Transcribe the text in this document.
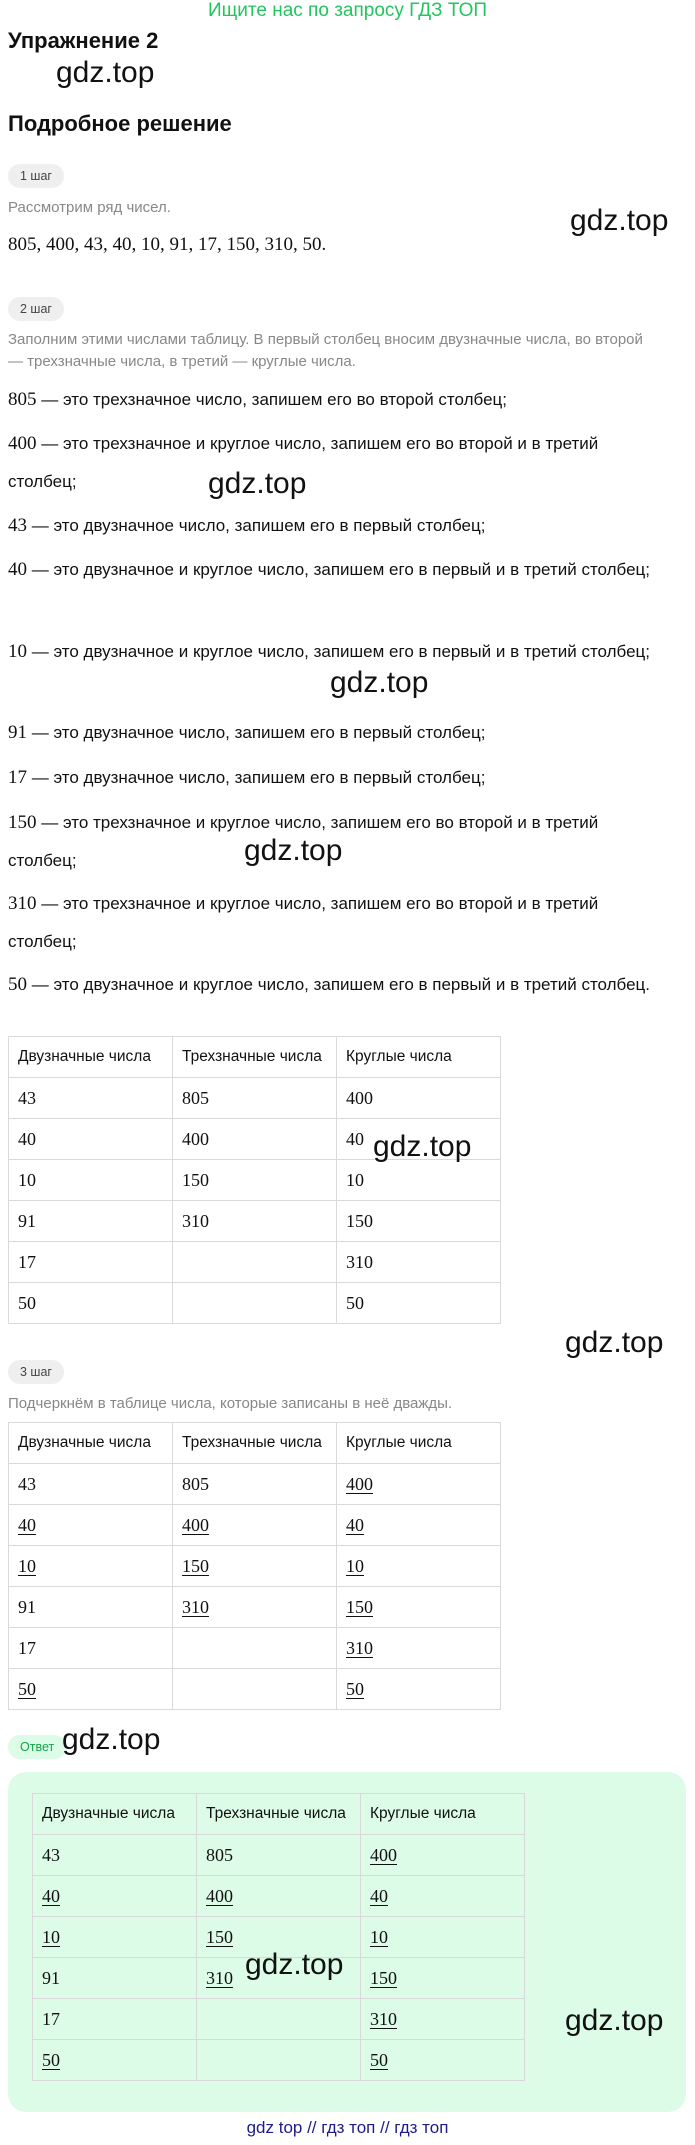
Ищите нас по запросу ГДЗ ТОП
Упражнение 2
gdz.top
Подробное решение
1 шаг
Рассмотрим ряд чисел.
805, 400, 43, 40, 10, 91, 17, 150, 310, 50.
gdz.top
2 шаг
Заполним этими числами таблицу. В первый столбец вносим двузначные числа, во второй — трехзначные числа, в третий — круглые числа.
805 — это трехзначное число, запишем его во второй столбец;
400 — это трехзначное и круглое число, запишем его во второй и в третий столбец;
43 — это двузначное число, запишем его в первый столбец;
40 — это двузначное и круглое число, запишем его в первый и в третий столбец;
10 — это двузначное и круглое число, запишем его в первый и в третий столбец;
91 — это двузначное число, запишем его в первый столбец;
17 — это двузначное число, запишем его в первый столбец;
150 — это трехзначное и круглое число, запишем его во второй и в третий столбец;
310 — это трехзначное и круглое число, запишем его во второй и в третий столбец;
50 — это двузначное и круглое число, запишем его в первый и в третий столбец.
gdz.top
gdz.top
gdz.top
Двузначные числа	Трехзначные числа	Круглые числа
43	805	400
40	400	40
10	150	10
91	310	150
17		310
50		50
gdz.top
gdz.top
3 шаг
Подчеркнём в таблице числа, которые записаны в неё дважды.
Двузначные числа	Трехзначные числа	Круглые числа
43	805	400
40	400	40
10	150	10
91	310	150
17		310
50		50
Ответ gdz.top
Двузначные числа	Трехзначные числа	Круглые числа
43	805	400
40	400	40
10	150	10
91	310	150
17		310
50		50
gdz.top
gdz.top
gdz top // гдз топ // гдз топ
